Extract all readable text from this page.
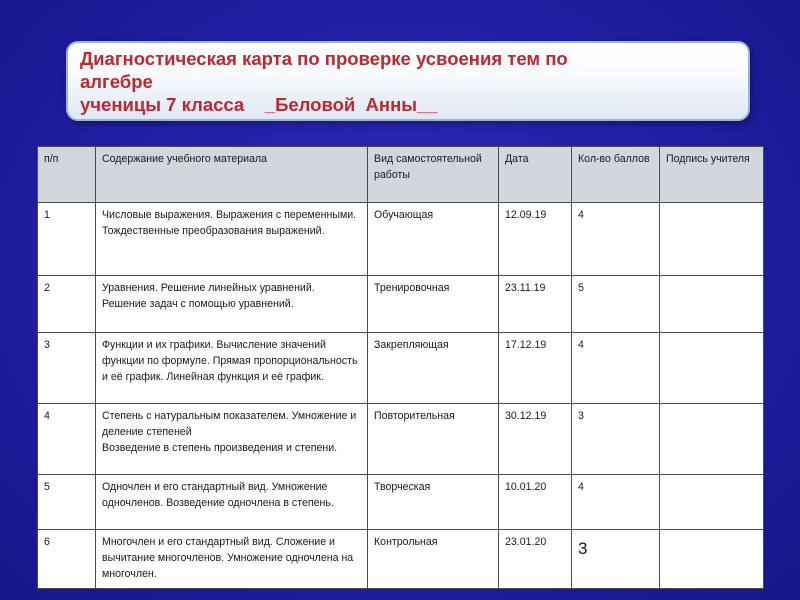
Диагностическая карта по проверке усвоения тем по
алгебре
ученицы 7 класса    _Беловой  Анны__
п/п	Содержание учебного материала	Вид самостоятельной работы	Дата	Кол-во баллов	Подпись учителя
1	Числовые выражения. Выражения с переменными.
Тождественные преобразования выражений.	Обучающая	12.09.19	4	
2	Уравнения. Решение линейных уравнений. Решение задач с помощью уравнений.	Тренировочная	23.11.19	5	
3	Функции и их графики. Вычисление значений функции по формуле. Прямая пропорциональность и её график. Линейная функция и её график.	Закрепляющая	17.12.19	4	
4	Степень с натуральным показателем. Умножение и деление степеней
Возведение в степень произведения и степени.	Повторительная	30.12.19	3	
5	Одночлен и его стандартный вид. Умножение одночленов. Возведение одночлена в степень.	Творческая	10.01.20	4	
6	Многочлен и его стандартный вид. Сложение и вычитание многочленов. Умножение одночлена на многочлен.	Контрольная	23.01.20	3	
